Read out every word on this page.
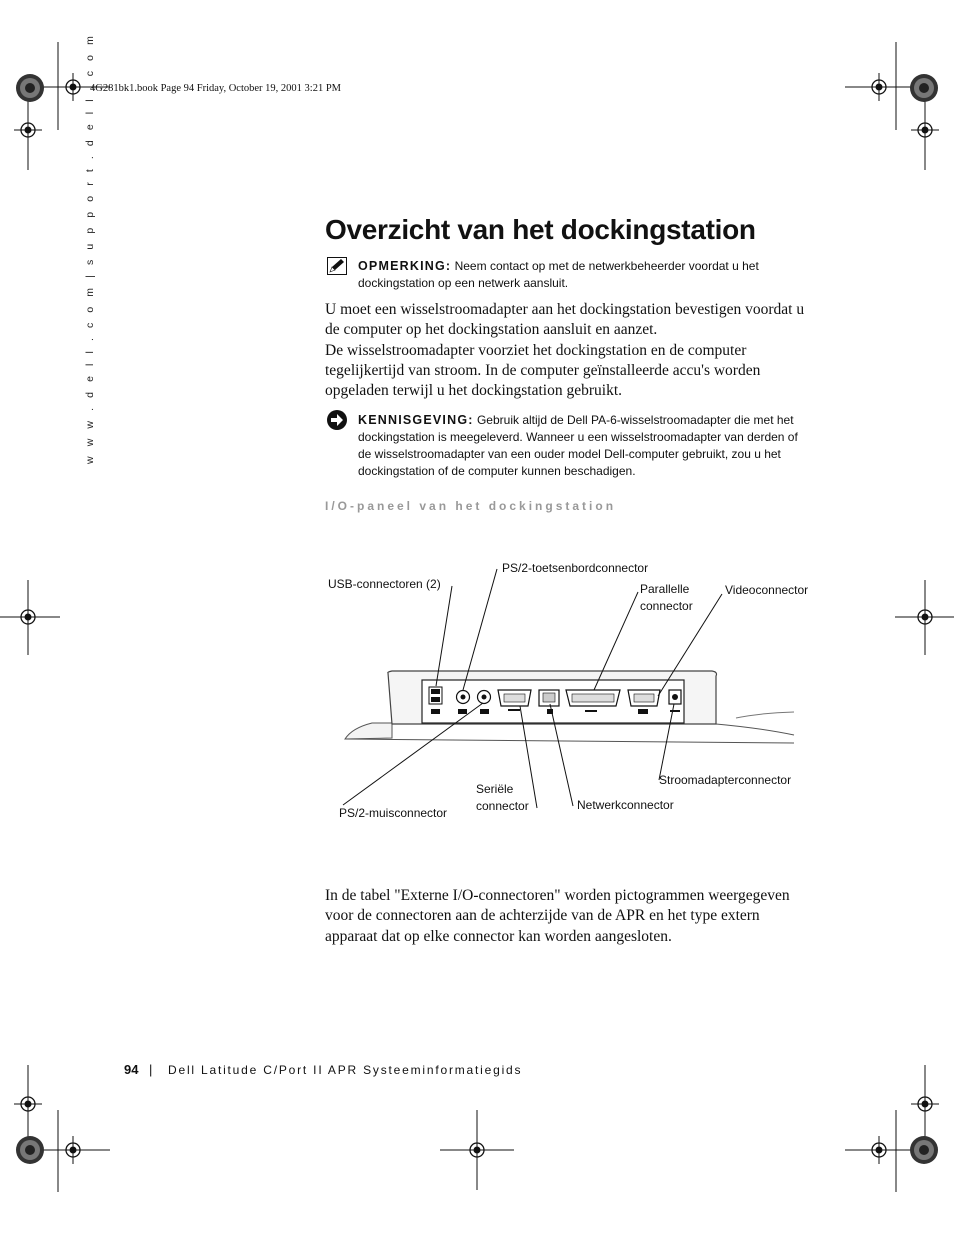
4G281bk1.book Page 94 Friday, October 19, 2001 3:21 PM
w w w . d e l l . c o m | s u p p o r t . d e l l . c o m	Overzicht van het dockingstation
OPMERKING: Neem contact op met de netwerkbeheerder voordat u het dockingstation op een netwerk aansluit.
U moet een wisselstroomadapter aan het dockingstation bevestigen voordat u de computer op het dockingstation aansluit en aanzet.
De wisselstroomadapter voorziet het dockingstation en de computer tegelijkertijd van stroom. In de computer geïnstalleerde accu's worden opgeladen terwijl u het dockingstation gebruikt.
KENNISGEVING: Gebruik altijd de Dell PA-6-wisselstroomadapter die met het dockingstation is meegeleverd. Wanneer u een wisselstroomadapter van derden of de wisselstroomadapter van een ouder model Dell-computer gebruikt, zou u het dockingstation of de computer kunnen beschadigen.
I/O-paneel van het dockingstation
USB-connectoren (2)
PS/2-toetsenbordconnector
Parallelle
connector
Videoconnector
Stroomadapterconnector
Seriële
connector	Netwerkconnector
PS/2-muisconnector
In de tabel "Externe I/O-connectoren" worden pictogrammen weergegeven voor de connectoren aan de achterzijde van de APR en het type extern apparaat dat op elke connector kan worden aangesloten.
94 | Dell Latitude C/Port II APR Systeeminformatiegids
